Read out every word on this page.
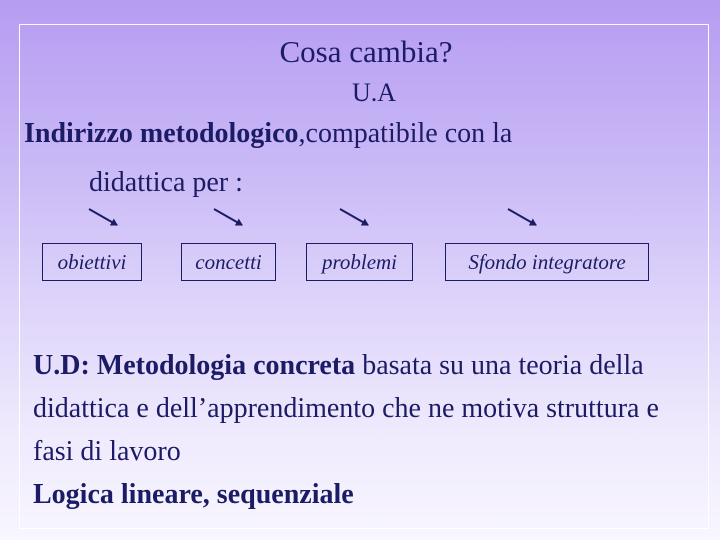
Cosa cambia?
U.A
Indirizzo metodologico,compatibile con la
didattica per :
obiettivi	concetti	problemi	Sfondo integratore
U.D: Metodologia concreta basata su una teoria della didattica e dell’apprendimento che ne motiva struttura e fasi di lavoro
Logica lineare, sequenziale
